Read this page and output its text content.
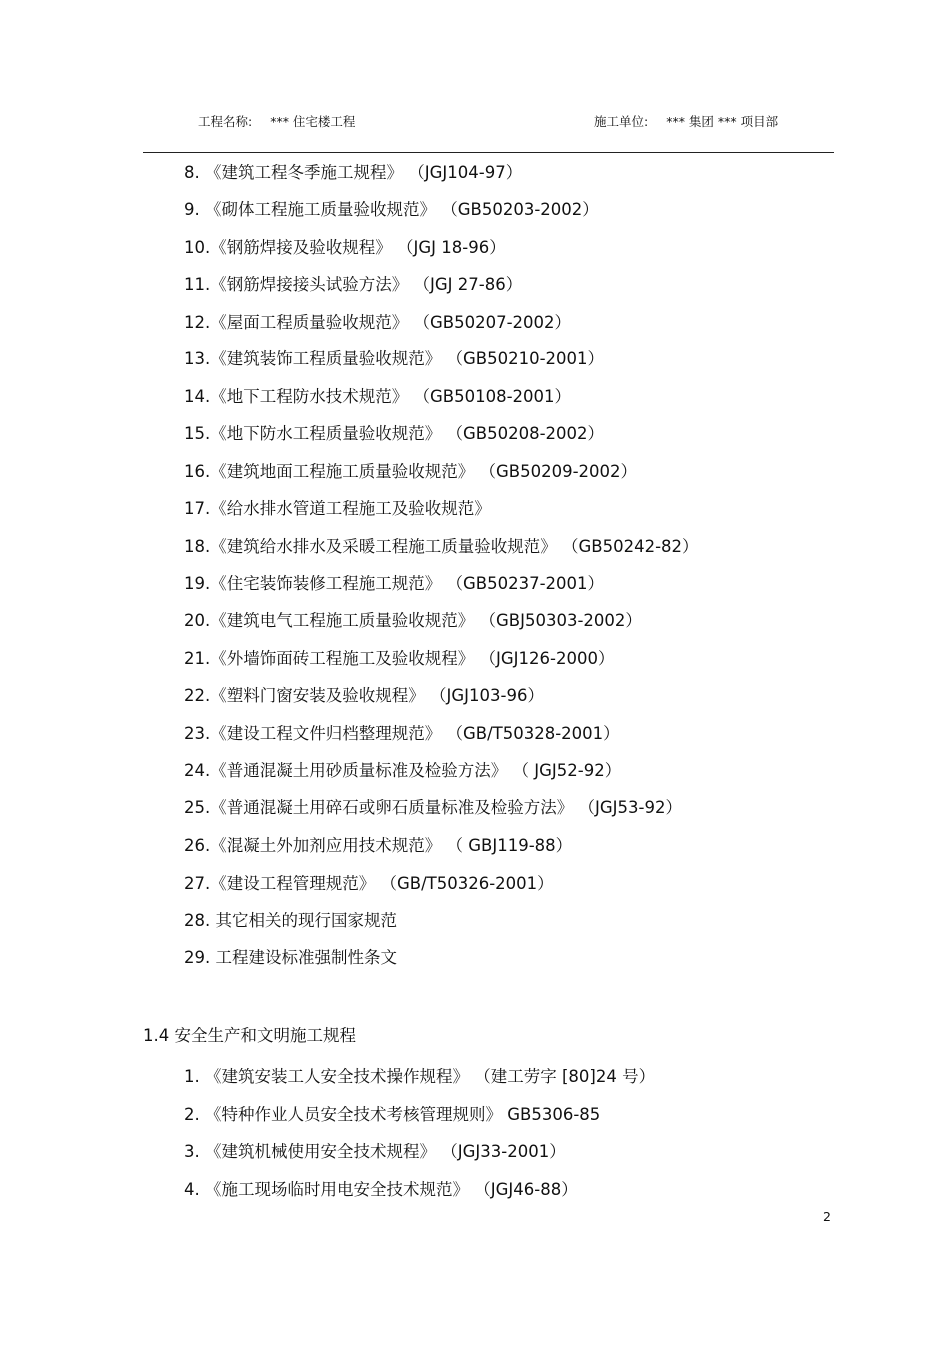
工程名称: *** 住宅楼工程	施工单位: *** 集团 *** 项目部
8. 《建筑工程冬季施工规程》 （JGJ104-97）
9. 《砌体工程施工质量验收规范》 （GB50203-2002）
10.《钢筋焊接及验收规程》 （JGJ 18-96）
11.《钢筋焊接接头试验方法》 （JGJ 27-86）
12.《屋面工程质量验收规范》 （GB50207-2002）
13.《建筑装饰工程质量验收规范》 （GB50210-2001）
14.《地下工程防水技术规范》 （GB50108-2001）
15.《地下防水工程质量验收规范》 （GB50208-2002）
16.《建筑地面工程施工质量验收规范》 （GB50209-2002）
17.《给水排水管道工程施工及验收规范》
18.《建筑给水排水及采暖工程施工质量验收规范》 （GB50242-82）
19.《住宅装饰装修工程施工规范》 （GB50237-2001）
20.《建筑电气工程施工质量验收规范》 （GBJ50303-2002）
21.《外墙饰面砖工程施工及验收规程》 （JGJ126-2000）
22.《塑料门窗安装及验收规程》 （JGJ103-96）
23.《建设工程文件归档整理规范》 （GB/T50328-2001）
24.《普通混凝土用砂质量标准及检验方法》 （ JGJ52-92）
25.《普通混凝土用碎石或卵石质量标准及检验方法》 （JGJ53-92）
26.《混凝土外加剂应用技术规范》 （ GBJ119-88）
27.《建设工程管理规范》 （GB/T50326-2001）
28. 其它相关的现行国家规范
29. 工程建设标准强制性条文
1.4 安全生产和文明施工规程
1. 《建筑安装工人安全技术操作规程》 （建工劳字 [80]24 号）
2. 《特种作业人员安全技术考核管理规则》 GB5306-85
3. 《建筑机械使用安全技术规程》 （JGJ33-2001）
4. 《施工现场临时用电安全技术规范》 （JGJ46-88）
2
